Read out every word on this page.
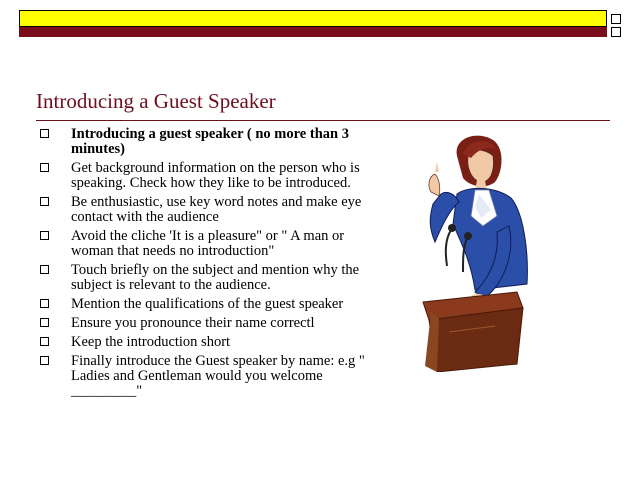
Introducing a Guest Speaker
Introducing a guest speaker ( no more than 3 minutes)
Get background information on the person who is speaking. Check how they like to be introduced.
Be enthusiastic, use key word notes and make eye contact with the audience
Avoid the cliche 'It is a pleasure" or " A man or woman that needs no introduction"
Touch briefly on the subject and mention why the subject is relevant to the audience.
Mention the qualifications of the guest speaker
Ensure you pronounce their name correctl
Keep the introduction short
Finally introduce the Guest speaker by name: e.g " Ladies and Gentleman would you welcome _________"
